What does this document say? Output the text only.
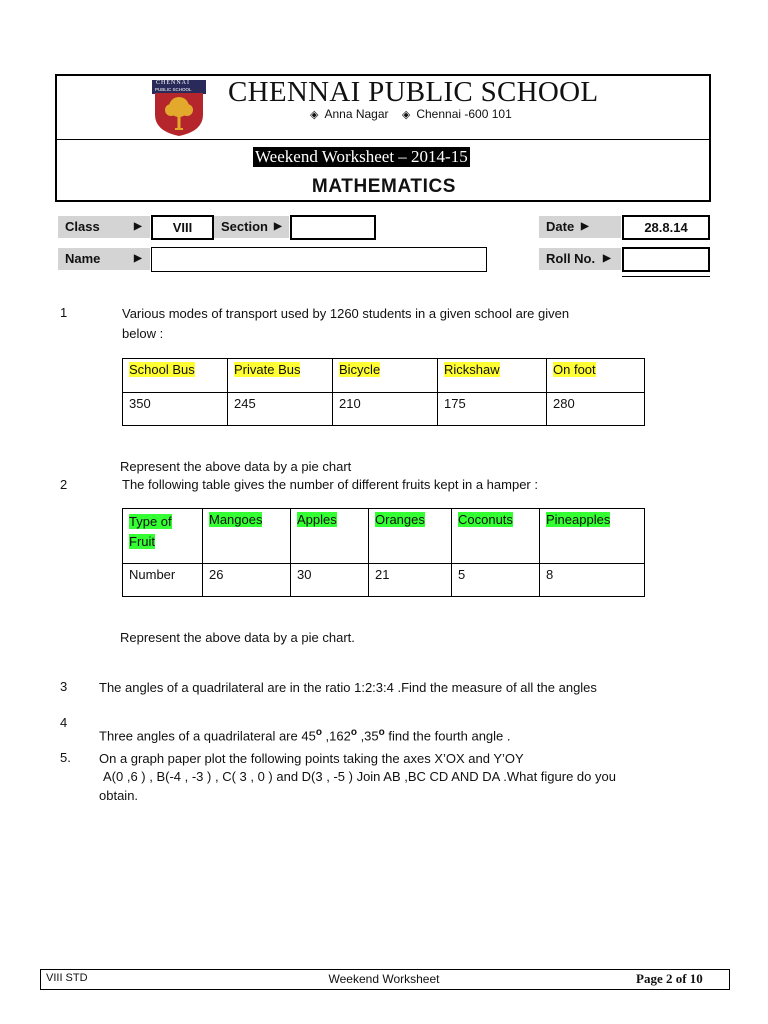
CHENNAI
PUBLIC SCHOOL CHENNAI PUBLIC SCHOOL
◈ Anna Nagar ◈ Chennai -600 101
Weekend Worksheet – 2014-15
MATHEMATICS
Class	▶	VIII	Section ▶	Date ▶	28.8.14
Name	▶	Roll No. ▶
1	Various modes of transport used by 1260 students in a given school are given
below :
School Bus	Private Bus	Bicycle	Rickshaw	On foot
350	245	210	175	280
Represent the above data by a pie chart
2	The following table gives the number of different fruits kept in a hamper :
Type of
Fruit	Mangoes	Apples	Oranges	Coconuts	Pineapples
Number	26	30	21	5	8
Represent the above data by a pie chart.
3 The angles of a quadrilateral are in the ratio 1:2:3:4 .Find the measure of all the angles
4
Three angles of a quadrilateral are 45$^o$ ,162$^o$ ,35$^o$ find the fourth angle .
5. On a graph paper plot the following points taking the axes X’OX and Y’OY
A(0 ,6 ) , B(-4 , -3 ) , C( 3 , 0 ) and D(3 , -5 ) Join AB ,BC CD AND DA .What figure do you
obtain.
VIII STD	Weekend Worksheet	Page 2 of 10
